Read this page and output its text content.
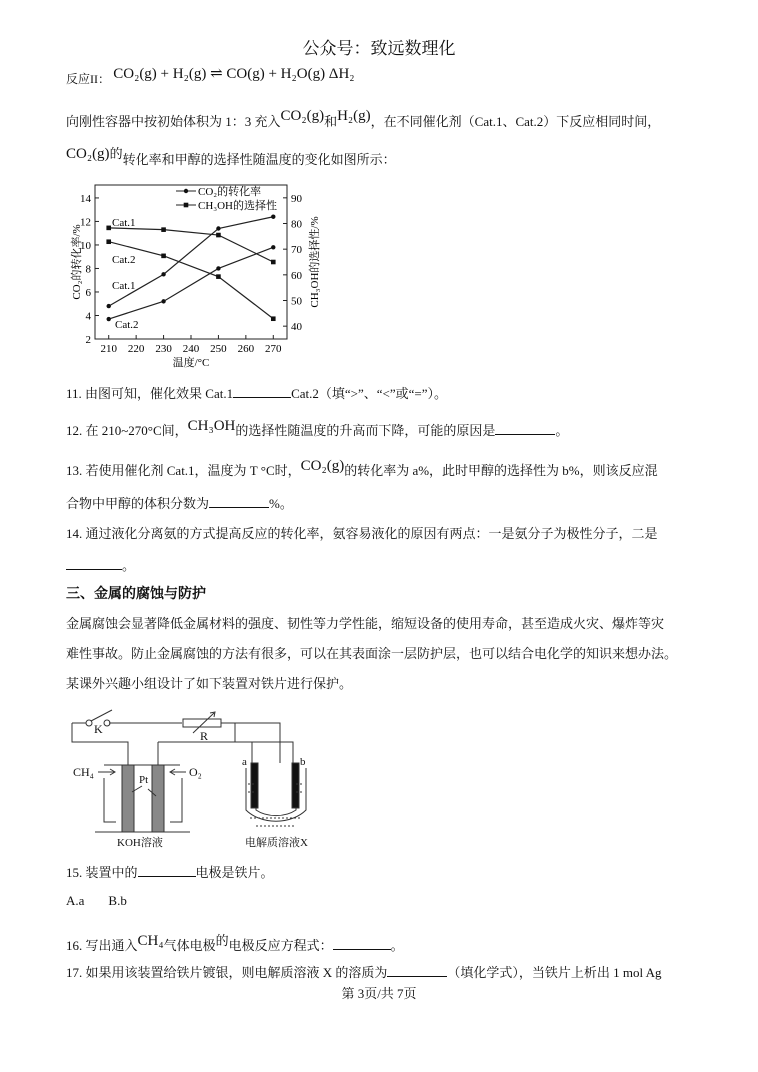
公众号：致远数理化
反应II： CO₂(g) + H₂(g) ⇌ CO(g) + H₂O(g) ΔH₂
向刚性容器中按初始体积为 1：3 充入CO₂(g)和H₂(g)，在不同催化剂（Cat.1、Cat.2）下反应相同时间，
CO₂(g)的转化率和甲醇的选择性随温度的变化如图所示：
210 220 230 240 250 260 270
2
4
6
8
10
12
14
40
50
60
70
80
90
温度/°C
CO₂的转化率/%	CH₃OH的选择性/%
Cat.1
Cat.2
Cat.1
Cat.2
CO₂的转化率
CH₃OH的选择性
11. 由图可知，催化效果 Cat.1	Cat.2（填“>”、“<”或“=”）。
12. 在 210~270°C间，CH₃OH的选择性随温度的升高而下降，可能的原因是	。
13. 若使用催化剂 Cat.1，温度为 T °C时，CO₂(g)的转化率为 a%，此时甲醇的选择性为 b%，则该反应混
合物中甲醇的体积分数为	%。
14. 通过液化分离氨的方式提高反应的转化率，氨容易液化的原因有两点：一是氨分子为极性分子，二是
。
三、金属的腐蚀与防护
金属腐蚀会显著降低金属材料的强度、韧性等力学性能，缩短设备的使用寿命，甚至造成火灾、爆炸等灾
难性事故。防止金属腐蚀的方法有很多，可以在其表面涂一层防护层，也可以结合电化学的知识来想办法。
某课外兴趣小组设计了如下装置对铁片进行保护。
K	R
CH₄	O₂
Pt
a	b
KOH溶液	电解质溶液X
15. 装置中的	电极是铁片。
A.a B.b
16. 写出通入CH₄气体电极的电极反应方程式：	。
17. 如果用该装置给铁片镀银，则电解质溶液 X 的溶质为	（填化学式），当铁片上析出 1 mol Ag
第 3页/共 7页
